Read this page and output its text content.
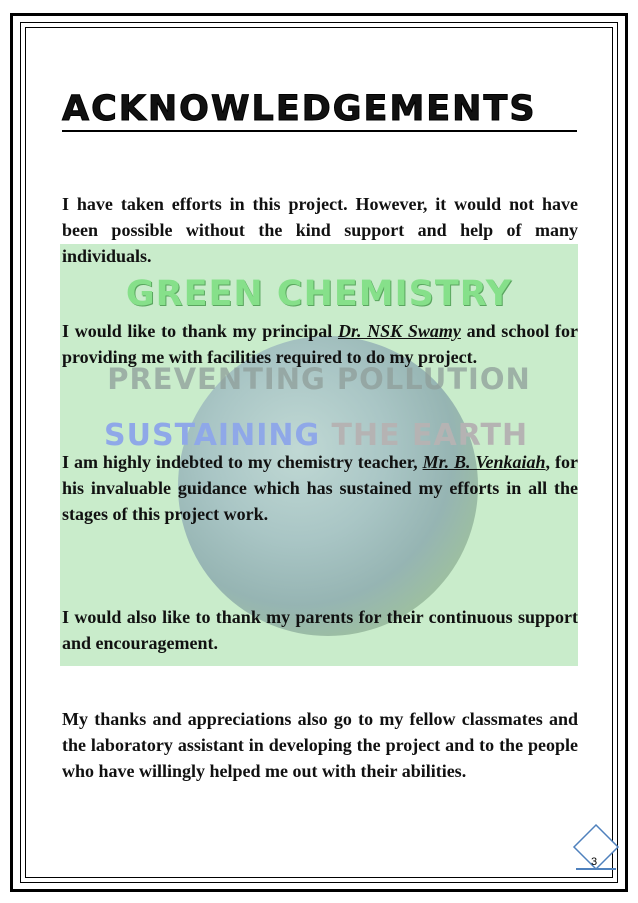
GREEN CHEMISTRY
PREVENTING POLLUTION
SUSTAINING THE EARTH
ACKNOWLEDGEMENTS

I have taken efforts in this project. However, it would not have been possible without the kind support and help of many individuals.

I would like to thank my principal Dr. NSK Swamy and school for providing me with facilities required to do my project.

I am highly indebted to my chemistry teacher, Mr. B. Venkaiah, for his invaluable guidance which has sustained my efforts in all the stages of this project work.

I would also like to thank my parents for their continuous support and encouragement.

My thanks and appreciations also go to my fellow classmates and the laboratory assistant in developing the project and to the people who have willingly helped me out with their abilities.

3
